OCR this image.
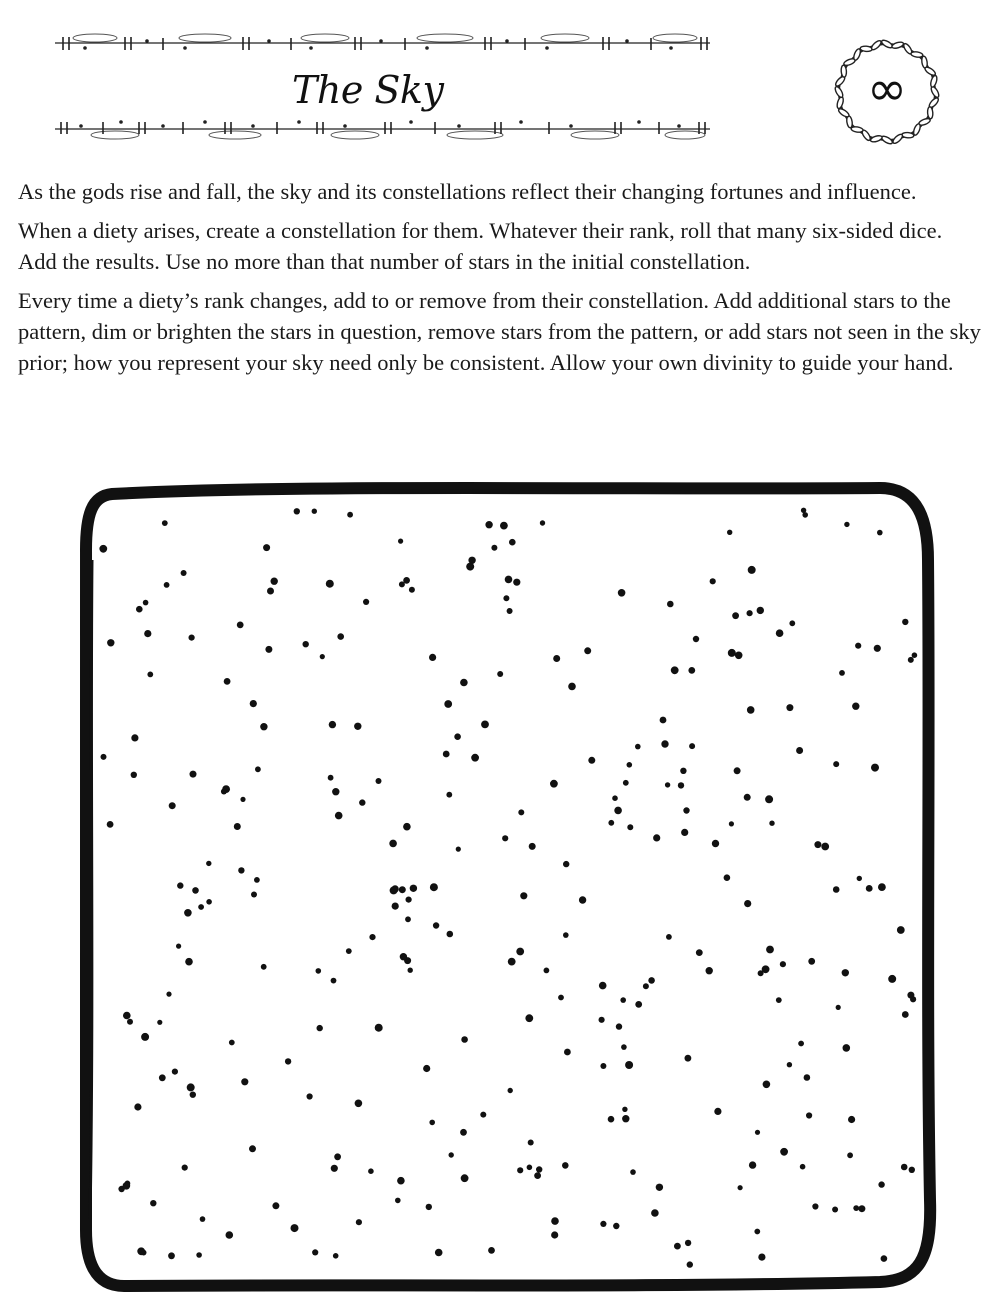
The Sky	∞

As the gods rise and fall, the sky and its constellations reflect their changing fortunes and influence.

When a diety arises, create a constellation for them. Whatever their rank, roll that many six-sided dice. Add the results. Use no more than that number of stars in the initial constellation.

Every time a diety’s rank changes, add to or remove from their constellation. Add additional stars to the pattern, dim or brighten the stars in question, remove stars from the pattern, or add stars not seen in the sky prior; how you represent your sky need only be consistent. Allow your own divinity to guide your hand.
